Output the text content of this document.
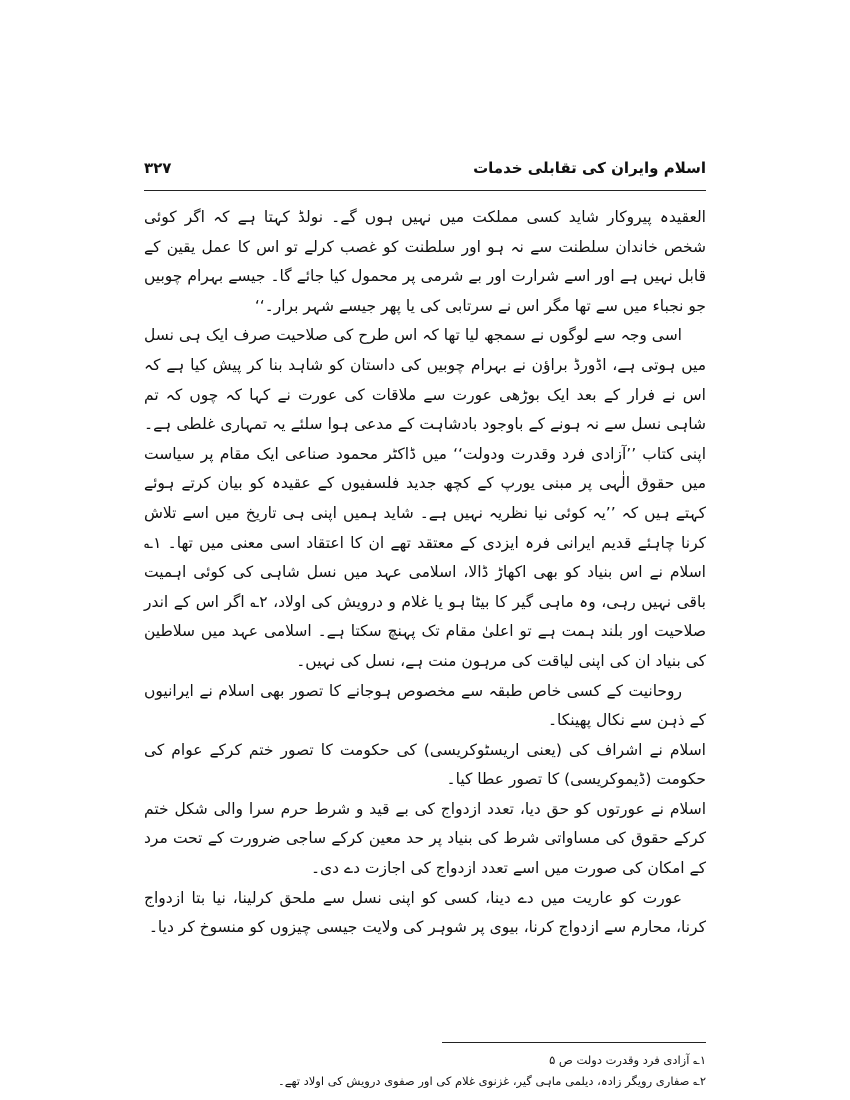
اسلام وایران کی تقابلی خدمات
۳۲۷

العقیدہ پیروکار شاید کسی مملکت میں نہیں ہوں گے۔ نولڈ کہتا ہے کہ اگر کوئی شخص خاندان سلطنت سے نہ ہو اور سلطنت کو غصب کرلے تو اس کا عمل یقین کے قابل نہیں ہے اور اسے شرارت اور بے شرمی پر محمول کیا جائے گا۔ جیسے بہرام چوبیں جو نجباء میں سے تھا مگر اس نے سرتابی کی یا پھر جیسے شہر برار۔‘‘

اسی وجہ سے لوگوں نے سمجھ لیا تھا کہ اس طرح کی صلاحیت صرف ایک ہی نسل میں ہوتی ہے، اڈورڈ براؤن نے بہرام چوبیں کی داستان کو شاہد بنا کر پیش کیا ہے کہ اس نے فرار کے بعد ایک بوڑھی عورت سے ملاقات کی عورت نے کہا کہ چوں کہ تم شاہی نسل سے نہ ہونے کے باوجود بادشاہت کے مدعی ہوا سلئے یہ تمہاری غلطی ہے۔ اپنی کتاب ’’آزادی فرد وقدرت ودولت‘‘ میں ڈاکٹر محمود صناعی ایک مقام پر سیاست میں حقوق الٰہی پر مبنی یورپ کے کچھ جدید فلسفیوں کے عقیدہ کو بیان کرتے ہوئے کہتے ہیں کہ ’’یہ کوئی نیا نظریہ نہیں ہے۔ شاید ہمیں اپنی ہی تاریخ میں اسے تلاش کرنا چاہئے قدیم ایرانی فرہ ایزدی کے معتقد تھے ان کا اعتقاد اسی معنی میں تھا۔ ۱؎ اسلام نے اس بنیاد کو بھی اکھاڑ ڈالا، اسلامی عہد میں نسل شاہی کی کوئی اہمیت باقی نہیں رہی، وہ ماہی گیر کا بیٹا ہو یا غلام و درویش کی اولاد، ۲؎ اگر اس کے اندر صلاحیت اور بلند ہمت ہے تو اعلیٰ مقام تک پہنچ سکتا ہے۔ اسلامی عہد میں سلاطین کی بنیاد ان کی اپنی لیاقت کی مرہون منت ہے، نسل کی نہیں۔

روحانیت کے کسی خاص طبقہ سے مخصوص ہوجانے کا تصور بھی اسلام نے ایرانیوں کے ذہن سے نکال پھینکا۔

اسلام نے اشراف کی (یعنی اریسٹوکریسی) کی حکومت کا تصور ختم کرکے عوام کی حکومت (ڈیموکریسی) کا تصور عطا کیا۔

اسلام نے عورتوں کو حق دیا، تعدد ازدواج کی بے قید و شرط حرم سرا والی شکل ختم کرکے حقوق کی مساواتی شرط کی بنیاد پر حد معین کرکے ساجی ضرورت کے تحت مرد کے امکان کی صورت میں اسے تعدد ازدواج کی اجازت دے دی۔

عورت کو عاریت میں دے دینا، کسی کو اپنی نسل سے ملحق کرلینا، نیا بتا ازدواج کرنا، محارم سے ازدواج کرنا، بیوی پر شوہر کی ولایت جیسی چیزوں کو منسوخ کر دیا۔

۱؎ آزادی فرد وقدرت دولت ص ۵
۲؎ صفاری رویگر زادہ، دیلمی ماہی گیر، غزنوی غلام کی اور صفوی درویش کی اولاد تھے۔
